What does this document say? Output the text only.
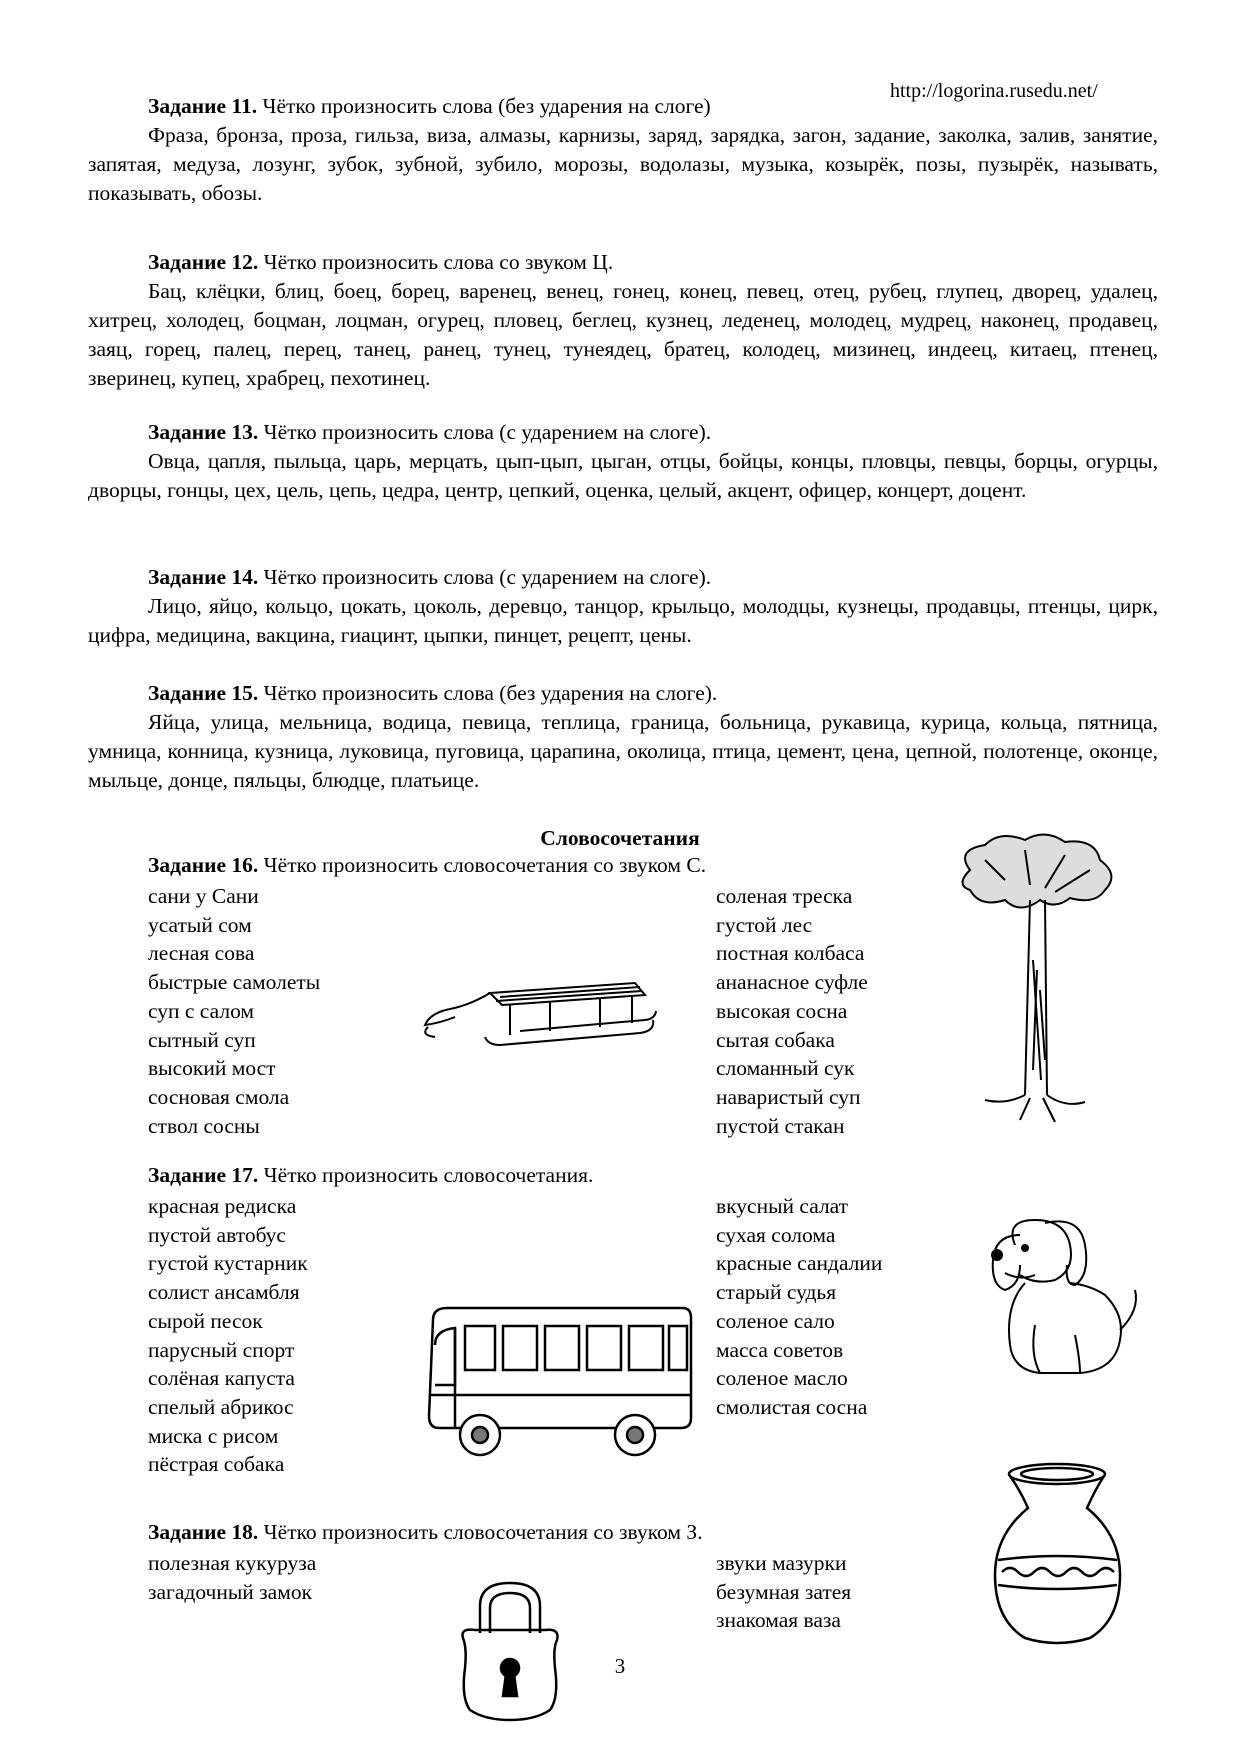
http://logorina.rusedu.net/

Задание 11. Чётко произносить слова (без ударения на слоге)

Фраза, бронза, проза, гильза, виза, алмазы, карнизы, заряд, зарядка, загон, задание, заколка, залив, занятие, запятая, медуза, лозунг, зубок, зубной, зубило, морозы, водолазы, музыка, козырёк, позы, пузырёк, называть, показывать, обозы.

Задание 12. Чётко произносить слова со звуком Ц.

Бац, клёцки, блиц, боец, борец, варенец, венец, гонец, конец, певец, отец, рубец, глупец, дворец, удалец, хитрец, холодец, боцман, лоцман, огурец, пловец, беглец, кузнец, леденец, молодец, мудрец, наконец, продавец, заяц, горец, палец, перец, танец, ранец, тунец, тунеядец, братец, колодец, мизинец, индеец, китаец, птенец, зверинец, купец, храбрец, пехотинец.

Задание 13. Чётко произносить слова (с ударением на слоге).

Овца, цапля, пыльца, царь, мерцать, цып-цып, цыган, отцы, бойцы, концы, пловцы, певцы, борцы, огурцы, дворцы, гонцы, цех, цель, цепь, цедра, центр, цепкий, оценка, целый, акцент, офицер, концерт, доцент.

Задание 14. Чётко произносить слова (с ударением на слоге).

Лицо, яйцо, кольцо, цокать, цоколь, деревцо, танцор, крыльцо, молодцы, кузнецы, продавцы, птенцы, цирк, цифра, медицина, вакцина, гиацинт, цыпки, пинцет, рецепт, цены.

Задание 15. Чётко произносить слова (без ударения на слоге).

Яйца, улица, мельница, водица, певица, теплица, граница, больница, рукавица, курица, кольца, пятница, умница, конница, кузница, луковица, пуговица, царапина, околица, птица, цемент, цена, цепной, полотенце, оконце, мыльце, донце, пяльцы, блюдце, платьице.

Словосочетания
Задание 16. Чётко произносить словосочетания со звуком С.
сани у Сани
усатый сом
лесная сова
быстрые самолеты
суп с салом
сытный суп
высокий мост
сосновая смола
ствол сосны
соленая треска
густой лес
постная колбаса
ананасное суфле
высокая сосна
сытая собака
сломанный сук
наваристый суп
пустой стакан
Задание 17. Чётко произносить словосочетания.
красная редиска
пустой автобус
густой кустарник
солист ансамбля
сырой песок
парусный спорт
солёная капуста
спелый абрикос
миска с рисом
пёстрая собака
вкусный салат
сухая солома
красные сандалии
старый судья
соленое сало
масса советов
соленое масло
смолистая сосна
Задание 18. Чётко произносить словосочетания со звуком З.
полезная кукуруза
загадочный замок
звуки мазурки
безумная затея
знакомая ваза
3
